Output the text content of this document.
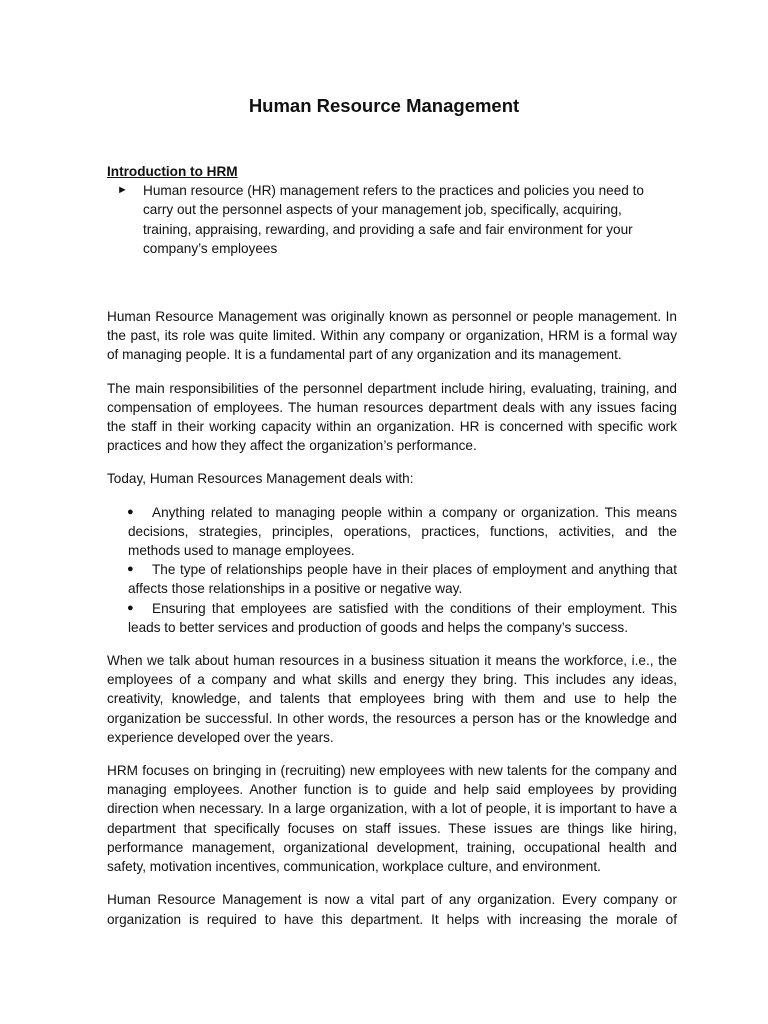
Human Resource Management

Introduction to HRM

► Human resource (HR) management refers to the practices and policies you need to carry out the personnel aspects of your management job, specifically, acquiring, training, appraising, rewarding, and providing a safe and fair environment for your company’s employees

Human Resource Management was originally known as personnel or people management. In the past, its role was quite limited. Within any company or organization, HRM is a formal way of managing people. It is a fundamental part of any organization and its management.

The main responsibilities of the personnel department include hiring, evaluating, training, and compensation of employees. The human resources department deals with any issues facing the staff in their working capacity within an organization. HR is concerned with specific work practices and how they affect the organization’s performance.

Today, Human Resources Management deals with:

● Anything related to managing people within a company or organization. This means decisions, strategies, principles, operations, practices, functions, activities, and the methods used to manage employees.
● The type of relationships people have in their places of employment and anything that affects those relationships in a positive or negative way.
● Ensuring that employees are satisfied with the conditions of their employment. This leads to better services and production of goods and helps the company’s success.

When we talk about human resources in a business situation it means the workforce, i.e., the employees of a company and what skills and energy they bring. This includes any ideas, creativity, knowledge, and talents that employees bring with them and use to help the organization be successful. In other words, the resources a person has or the knowledge and experience developed over the years.

HRM focuses on bringing in (recruiting) new employees with new talents for the company and managing employees. Another function is to guide and help said employees by providing direction when necessary. In a large organization, with a lot of people, it is important to have a department that specifically focuses on staff issues. These issues are things like hiring, performance management, organizational development, training, occupational health and safety, motivation incentives, communication, workplace culture, and environment.

Human Resource Management is now a vital part of any organization. Every company or organization is required to have this department. It helps with increasing the morale of
